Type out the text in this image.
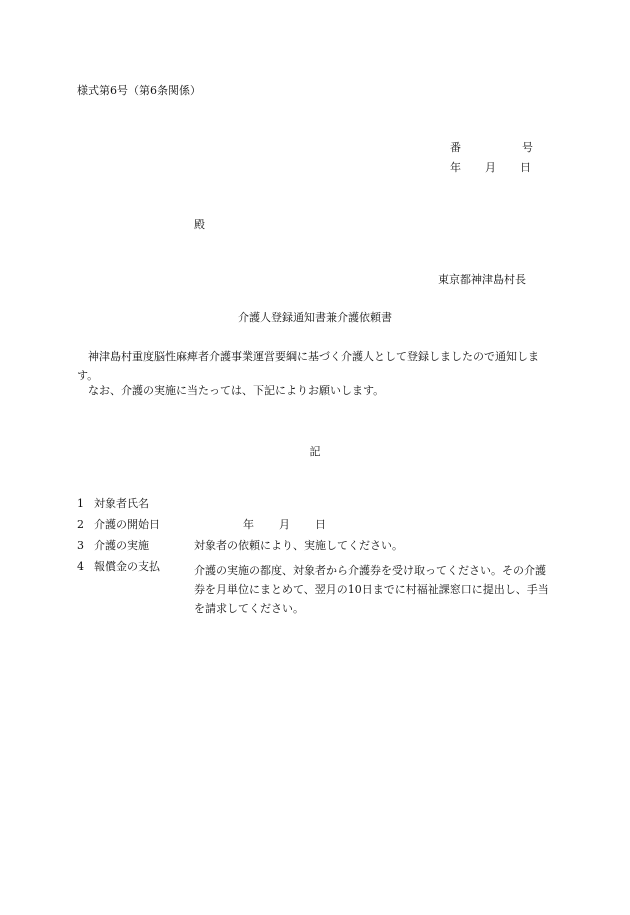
様式第6号（第6条関係）
番	号
年 月 日
殿
東京都神津島村長
介護人登録通知書兼介護依頼書
神津島村重度脳性麻痺者介護事業運営要綱に基づく介護人として登録しましたので通知します。
なお、介護の実施に当たっては、下記によりお願いします。
記
1 対象者氏名
2 介護の開始日	年 月 日
3 介護の実施	対象者の依頼により、実施してください。
4 報償金の支払	介護の実施の都度、対象者から介護券を受け取ってください。その介護券を月単位にまとめて、翌月の10日までに村福祉課窓口に提出し、手当を請求してください。
